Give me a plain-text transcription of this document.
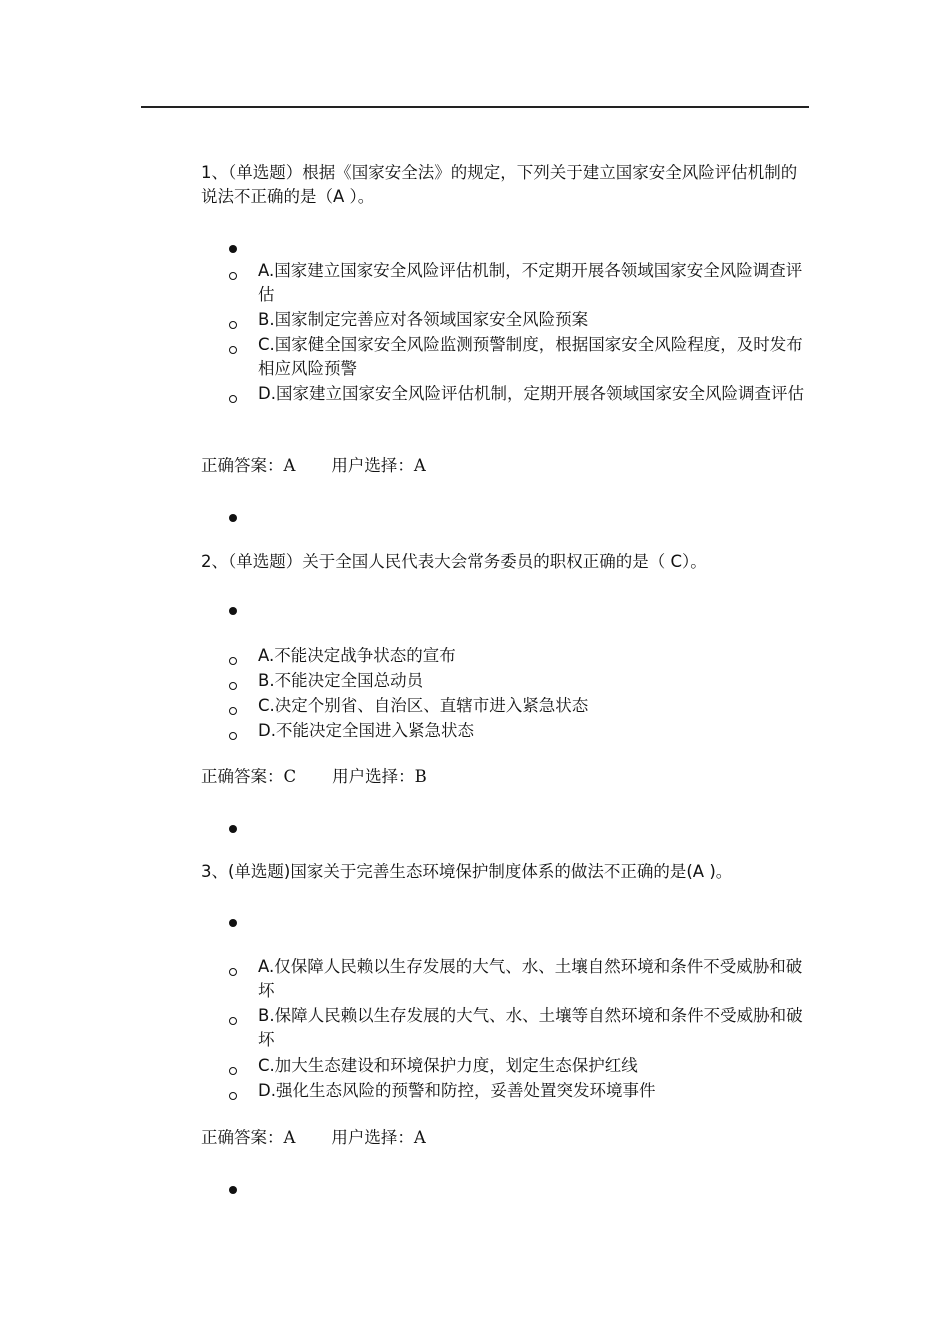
1、（单选题）根据《国家安全法》的规定，下列关于建立国家安全风险评估机制的说法不正确的是（A ）。
A.国家建立国家安全风险评估机制，不定期开展各领域国家安全风险调查评估
B.国家制定完善应对各领域国家安全风险预案
C.国家健全国家安全风险监测预警制度，根据国家安全风险程度，及时发布相应风险预警
D.国家建立国家安全风险评估机制，定期开展各领域国家安全风险调查评估
正确答案：A 用户选择：A
2、（单选题）关于全国人民代表大会常务委员的职权正确的是（ C）。
A.不能决定战争状态的宣布
B.不能决定全国总动员
C.决定个别省、自治区、直辖市进入紧急状态
D.不能决定全国进入紧急状态
正确答案：C 用户选择：B
3、(单选题)国家关于完善生态环境保护制度体系的做法不正确的是(A )。
A.仅保障人民赖以生存发展的大气、水、土壤自然环境和条件不受威胁和破坏
B.保障人民赖以生存发展的大气、水、土壤等自然环境和条件不受威胁和破坏
C.加大生态建设和环境保护力度，划定生态保护红线
D.强化生态风险的预警和防控，妥善处置突发环境事件
正确答案：A 用户选择：A
